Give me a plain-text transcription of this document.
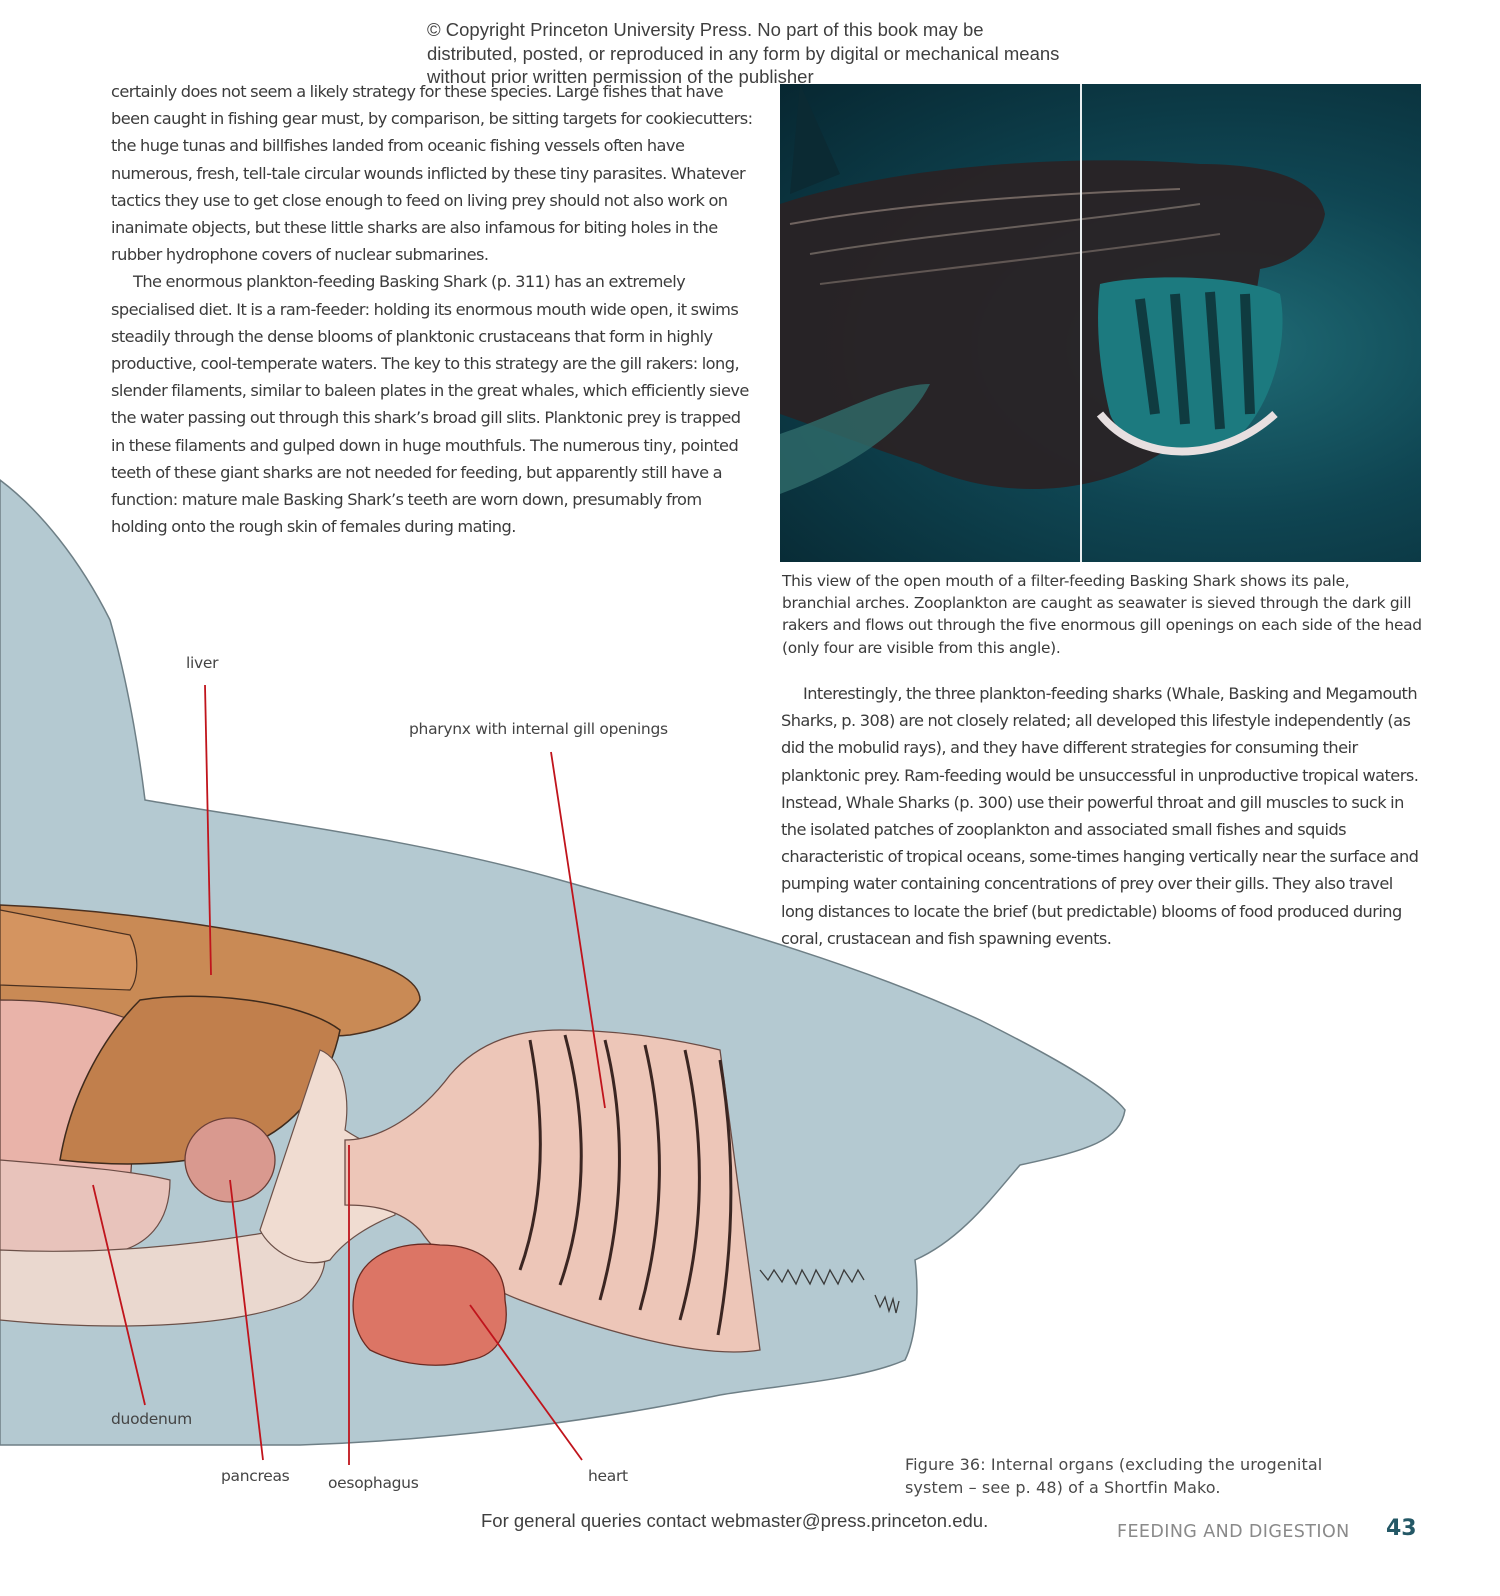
© Copyright Princeton University Press. No part of this book may be distributed, posted, or reproduced in any form by digital or mechanical means without prior written permission of the publisher

certainly does not seem a likely strategy for these species. Large fishes that have been caught in fishing gear must, by comparison, be sitting targets for cookiecutters: the huge tunas and billfishes landed from oceanic fishing vessels often have numerous, fresh, tell-tale circular wounds inflicted by these tiny parasites. Whatever tactics they use to get close enough to feed on living prey should not also work on inanimate objects, but these little sharks are also infamous for biting holes in the rubber hydrophone covers of nuclear submarines.

The enormous plankton-feeding Basking Shark (p. 311) has an extremely specialised diet. It is a ram-feeder: holding its enormous mouth wide open, it swims steadily through the dense blooms of planktonic crustaceans that form in highly productive, cool-temperate waters. The key to this strategy are the gill rakers: long, slender filaments, similar to baleen plates in the great whales, which efficiently sieve the water passing out through this shark’s broad gill slits. Planktonic prey is trapped in these filaments and gulped down in huge mouthfuls. The numerous tiny, pointed teeth of these giant sharks are not needed for feeding, but apparently still have a function: mature male Basking Shark’s teeth are worn down, presumably from holding onto the rough skin of females during mating.

This view of the open mouth of a filter-feeding Basking Shark shows its pale, branchial arches. Zooplankton are caught as seawater is sieved through the dark gill rakers and flows out through the five enormous gill openings on each side of the head (only four are visible from this angle).

Interestingly, the three plankton-feeding sharks (Whale, Basking and Megamouth Sharks, p. 308) are not closely related; all developed this lifestyle independently (as did the mobulid rays), and they have different strategies for consuming their planktonic prey. Ram-feeding would be unsuccessful in unproductive tropical waters. Instead, Whale Sharks (p. 300) use their powerful throat and gill muscles to suck in the isolated patches of zooplankton and associated small fishes and squids characteristic of tropical oceans, some-times hanging vertically near the surface and pumping water containing concentrations of prey over their gills. They also travel long distances to locate the brief (but predictable) blooms of food produced during coral, crustacean and fish spawning events.

liver
pharynx with internal gill openings
duodenum
pancreas oesophagus	heart
Figure 36: Internal organs (excluding the urogenital system – see p. 48) of a Shortfin Mako.
For general queries contact webmaster@press.princeton.edu.
FEEDING AND DIGESTION 43
